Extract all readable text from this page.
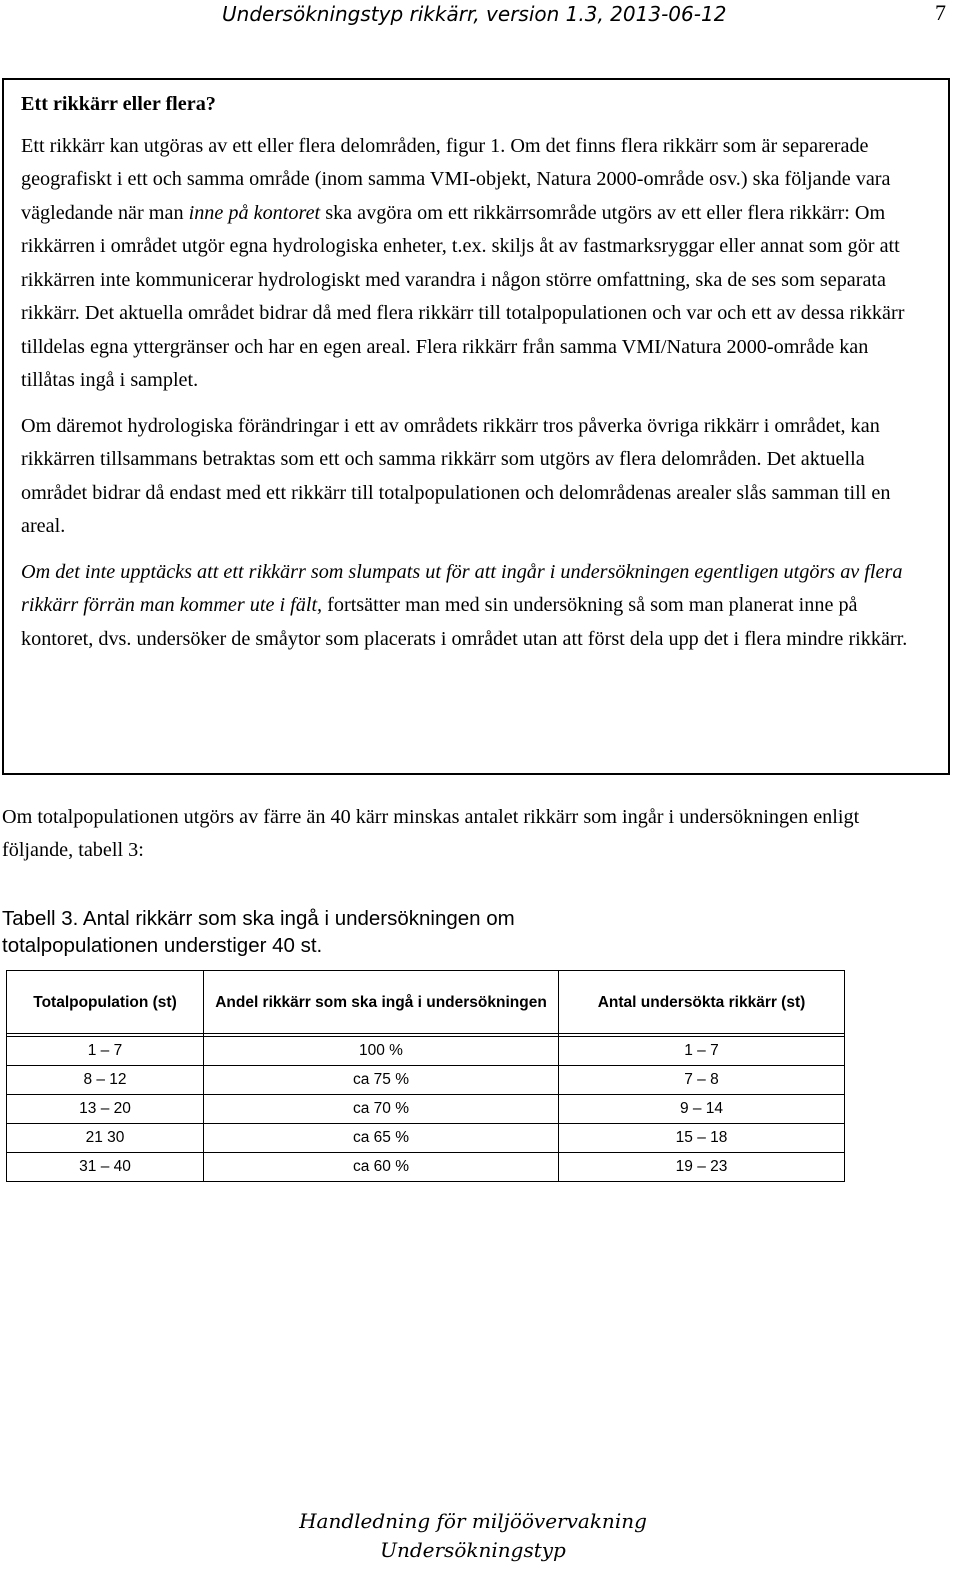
Undersökningstyp rikkärr, version 1.3, 2013-06-12	7

Ett rikkärr eller flera?

Ett rikkärr kan utgöras av ett eller flera delområden, figur 1. Om det finns flera rikkärr som är separerade geografiskt i ett och samma område (inom samma VMI-objekt, Natura 2000-område osv.) ska följande vara vägledande när man inne på kontoret ska avgöra om ett rikkärrsområde utgörs av ett eller flera rikkärr: Om rikkärren i området utgör egna hydrologiska enheter, t.ex. skiljs åt av fastmarksryggar eller annat som gör att rikkärren inte kommunicerar hydrologiskt med varandra i någon större omfattning, ska de ses som separata rikkärr. Det aktuella området bidrar då med flera rikkärr till totalpopulationen och var och ett av dessa rikkärr tilldelas egna yttergränser och har en egen areal. Flera rikkärr från samma VMI/Natura 2000-område kan tillåtas ingå i samplet.

Om däremot hydrologiska förändringar i ett av områdets rikkärr tros påverka övriga rikkärr i området, kan rikkärren tillsammans betraktas som ett och samma rikkärr som utgörs av flera delområden. Det aktuella området bidrar då endast med ett rikkärr till totalpopulationen och delområdenas arealer slås samman till en areal.

Om det inte upptäcks att ett rikkärr som slumpats ut för att ingår i undersökningen egentligen utgörs av flera rikkärr förrän man kommer ute i fält, fortsätter man med sin undersökning så som man planerat inne på kontoret, dvs. undersöker de småytor som placerats i området utan att först dela upp det i flera mindre rikkärr.

Om totalpopulationen utgörs av färre än 40 kärr minskas antalet rikkärr som ingår i undersökningen enligt följande, tabell 3:

Tabell 3. Antal rikkärr som ska ingå i undersökningen om totalpopulationen understiger 40 st.

Totalpopulation (st)	Andel rikkärr som ska ingå i undersökningen	Antal undersökta rikkärr (st)

1 – 7	100 %	1 – 7
8 – 12	ca 75 %	7 – 8
13 – 20	ca 70 %	9 – 14
21 30	ca 65 %	15 – 18
31 – 40	ca 60 %	19 – 23
Handledning för miljöövervakning
Undersökningstyp
